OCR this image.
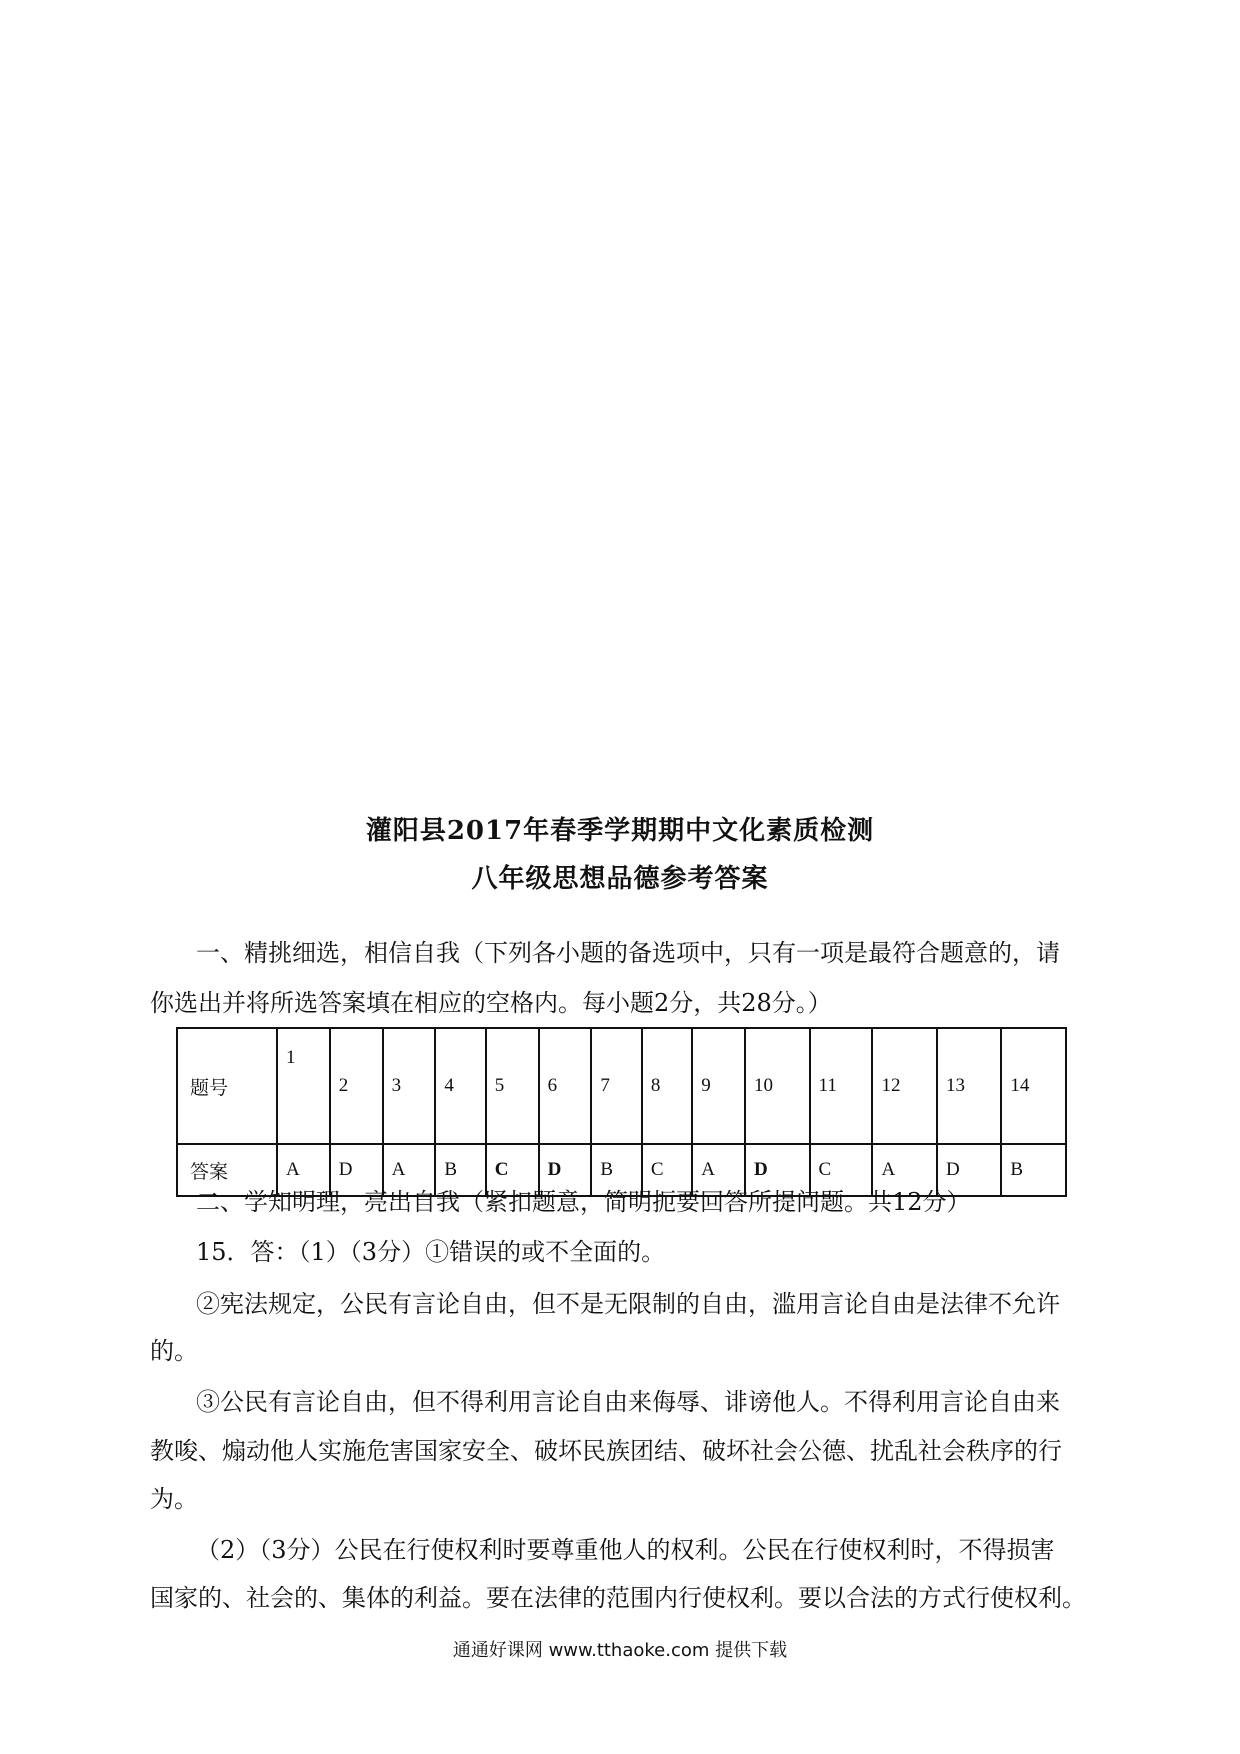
灌阳县2017年春季学期期中文化素质检测
八年级思想品德参考答案
一、精挑细选，相信自我（下列各小题的备选项中，只有一项是最符合题意的，请
你选出并将所选答案填在相应的空格内。每小题2分，共28分。）
题号	1	2	3	4	5	6	7	8	9	10	11	12	13	14
答案	A	D	A	B	C	D	B	C	A	D	C	A	D	B
二、学知明理，亮出自我（紧扣题意，简明扼要回答所提问题。共12分）
15．答：（1）（3分）①错误的或不全面的。
②宪法规定，公民有言论自由，但不是无限制的自由，滥用言论自由是法律不允许
的。
③公民有言论自由，但不得利用言论自由来侮辱、诽谤他人。不得利用言论自由来
教唆、煽动他人实施危害国家安全、破坏民族团结、破坏社会公德、扰乱社会秩序的行
为。
（2）（3分）公民在行使权利时要尊重他人的权利。公民在行使权利时，不得损害
国家的、社会的、集体的利益。要在法律的范围内行使权利。要以合法的方式行使权利。
通通好课网 www.tthaoke.com 提供下载
